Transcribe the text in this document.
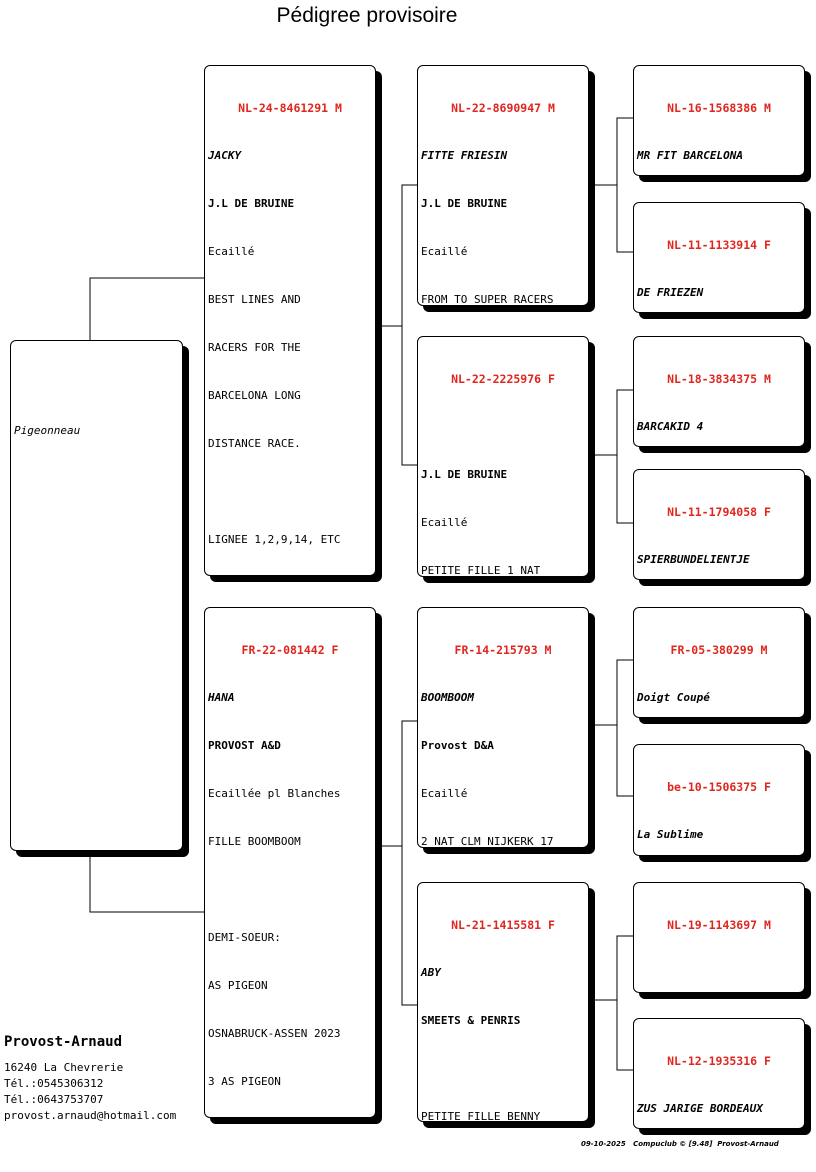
Pédigree provisoire

Pigeonneau

NL-24-8461291 M

JACKY

J.L DE BRUINE

Ecaillé

BEST LINES AND

RACERS FOR THE

BARCELONA LONG

DISTANCE RACE.

LIGNEE 1,2,9,14, ETC

FR-22-081442 F

HANA

PROVOST A&D

Ecaillée pl Blanches

FILLE BOOMBOOM

DEMI-SOEUR:

AS PIGEON

OSNABRUCK-ASSEN 2023

3 AS PIGEON

NL-22-8690947 M

FITTE FRIESIN

J.L DE BRUINE

Ecaillé

FROM TO SUPER RACERS

NL-22-2225976 F

J.L DE BRUINE

Ecaillé

PETITE FILLE 1 NAT

FR-14-215793 M

BOOMBOOM

Provost D&A

Ecaillé

2 NAT CLM NIJKERK 17

NL-21-1415581 F

ABY

SMEETS & PENRIS

PETITE FILLE BENNY

NL-16-1568386 M

MR FIT BARCELONA

NL-11-1133914 F

DE FRIEZEN

NL-18-3834375 M

BARCAKID 4

NL-11-1794058 F

SPIERBUNDELIENTJE

FR-05-380299 M

Doigt Coupé

be-10-1506375 F

La Sublime

NL-19-1143697 M

NL-12-1935316 F

ZUS JARIGE BORDEAUX

Provost-Arnaud
16240 La Chevrerie
Tél.:0545306312
Tél.:0643753707
provost.arnaud@hotmail.com
09-10-2025   Compuclub © [9.48]  Provost-Arnaud
